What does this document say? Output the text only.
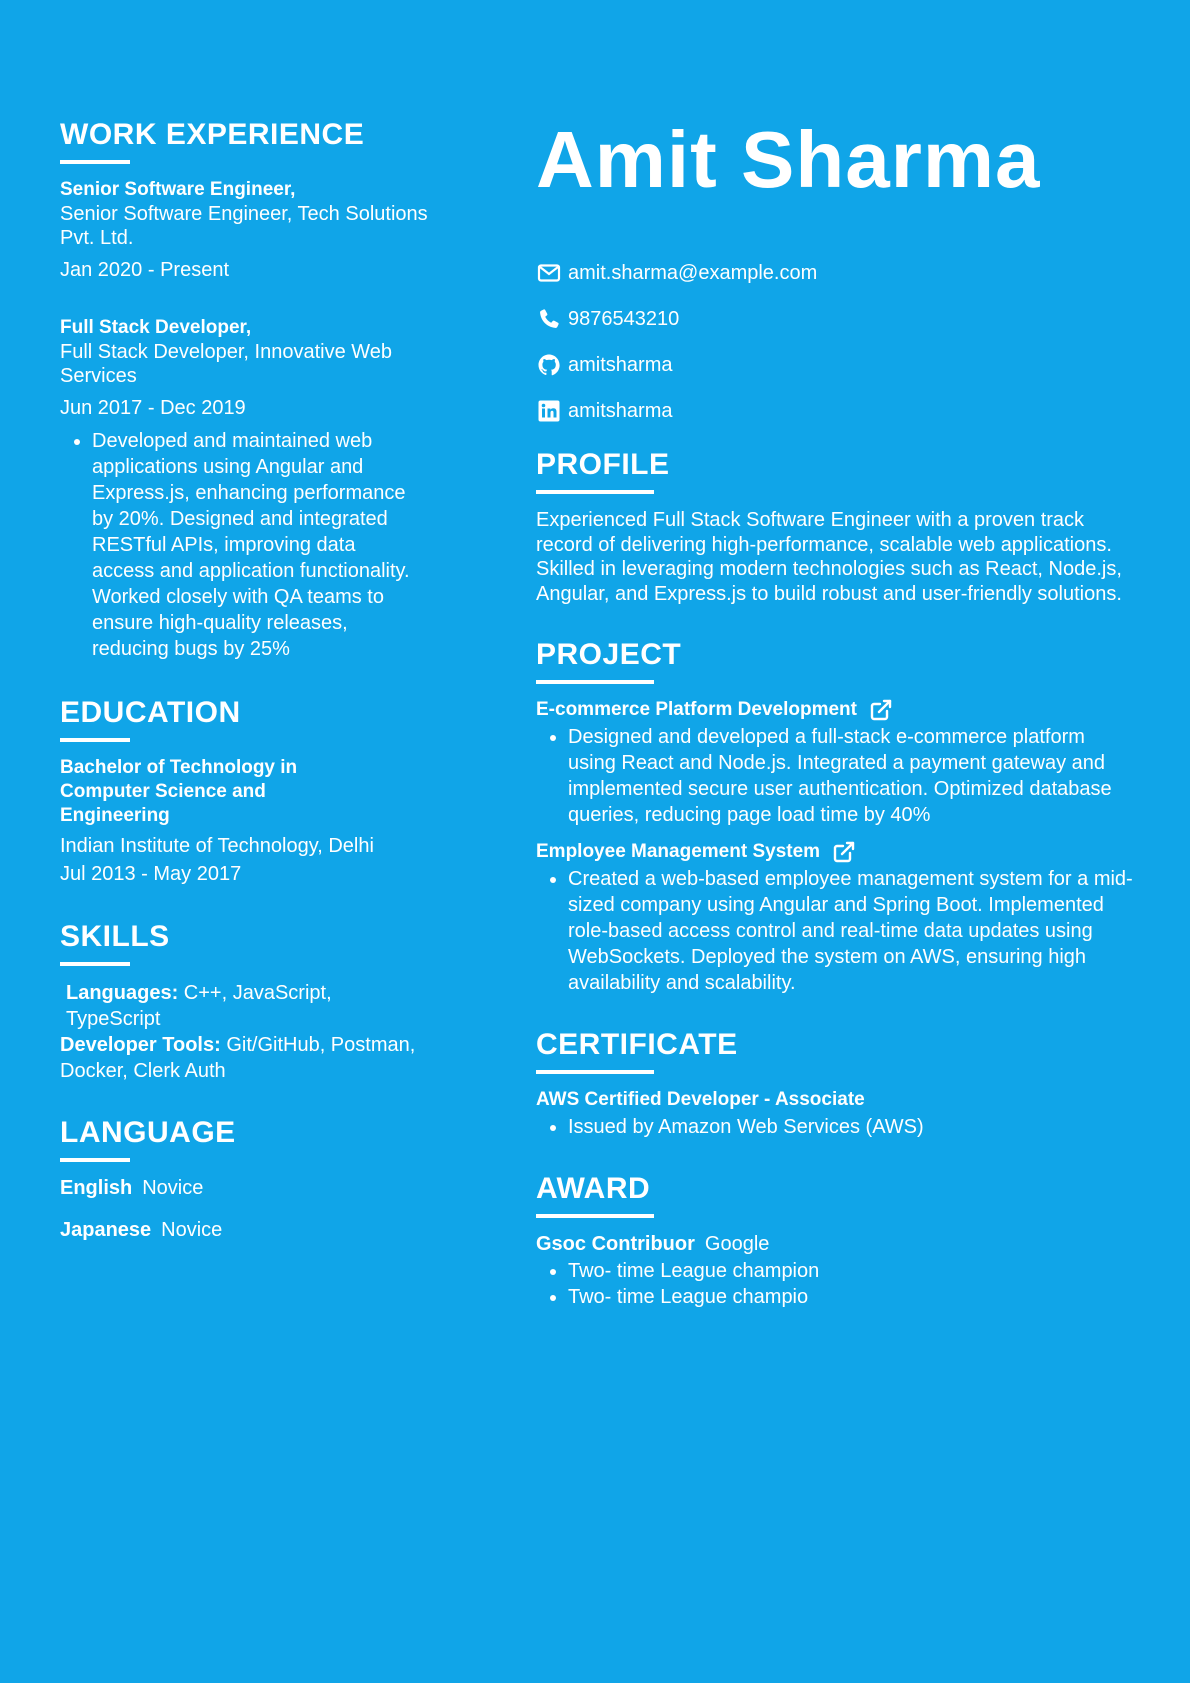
WORK EXPERIENCE
Senior Software Engineer,
Senior Software Engineer, Tech Solutions Pvt. Ltd.
Jan 2020 - Present
Full Stack Developer,
Full Stack Developer, Innovative Web Services
Jun 2017 - Dec 2019
• Developed and maintained web applications using Angular and Express.js, enhancing performance by 20%. Designed and integrated RESTful APIs, improving data access and application functionality. Worked closely with QA teams to ensure high-quality releases, reducing bugs by 25%
EDUCATION
Bachelor of Technology in Computer Science and Engineering
Indian Institute of Technology, Delhi
Jul 2013 - May 2017
SKILLS
Languages: C++, JavaScript, TypeScript
Developer Tools: Git/GitHub, Postman, Docker, Clerk Auth
LANGUAGE
English Novice
Japanese Novice
Amit Sharma
amit.sharma@example.com
9876543210
amitsharma
amitsharma
PROFILE

Experienced Full Stack Software Engineer with a proven track record of delivering high-performance, scalable web applications. Skilled in leveraging modern technologies such as React, Node.js, Angular, and Express.js to build robust and user-friendly solutions.

PROJECT
E-commerce Platform Development
• Designed and developed a full-stack e-commerce platform using React and Node.js. Integrated a payment gateway and implemented secure user authentication. Optimized database queries, reducing page load time by 40%
Employee Management System
• Created a web-based employee management system for a mid-sized company using Angular and Spring Boot. Implemented role-based access control and real-time data updates using WebSockets. Deployed the system on AWS, ensuring high availability and scalability.
CERTIFICATE
AWS Certified Developer - Associate
• Issued by Amazon Web Services (AWS)
AWARD
Gsoc Contribuor Google
• Two- time League champion
• Two- time League champio
